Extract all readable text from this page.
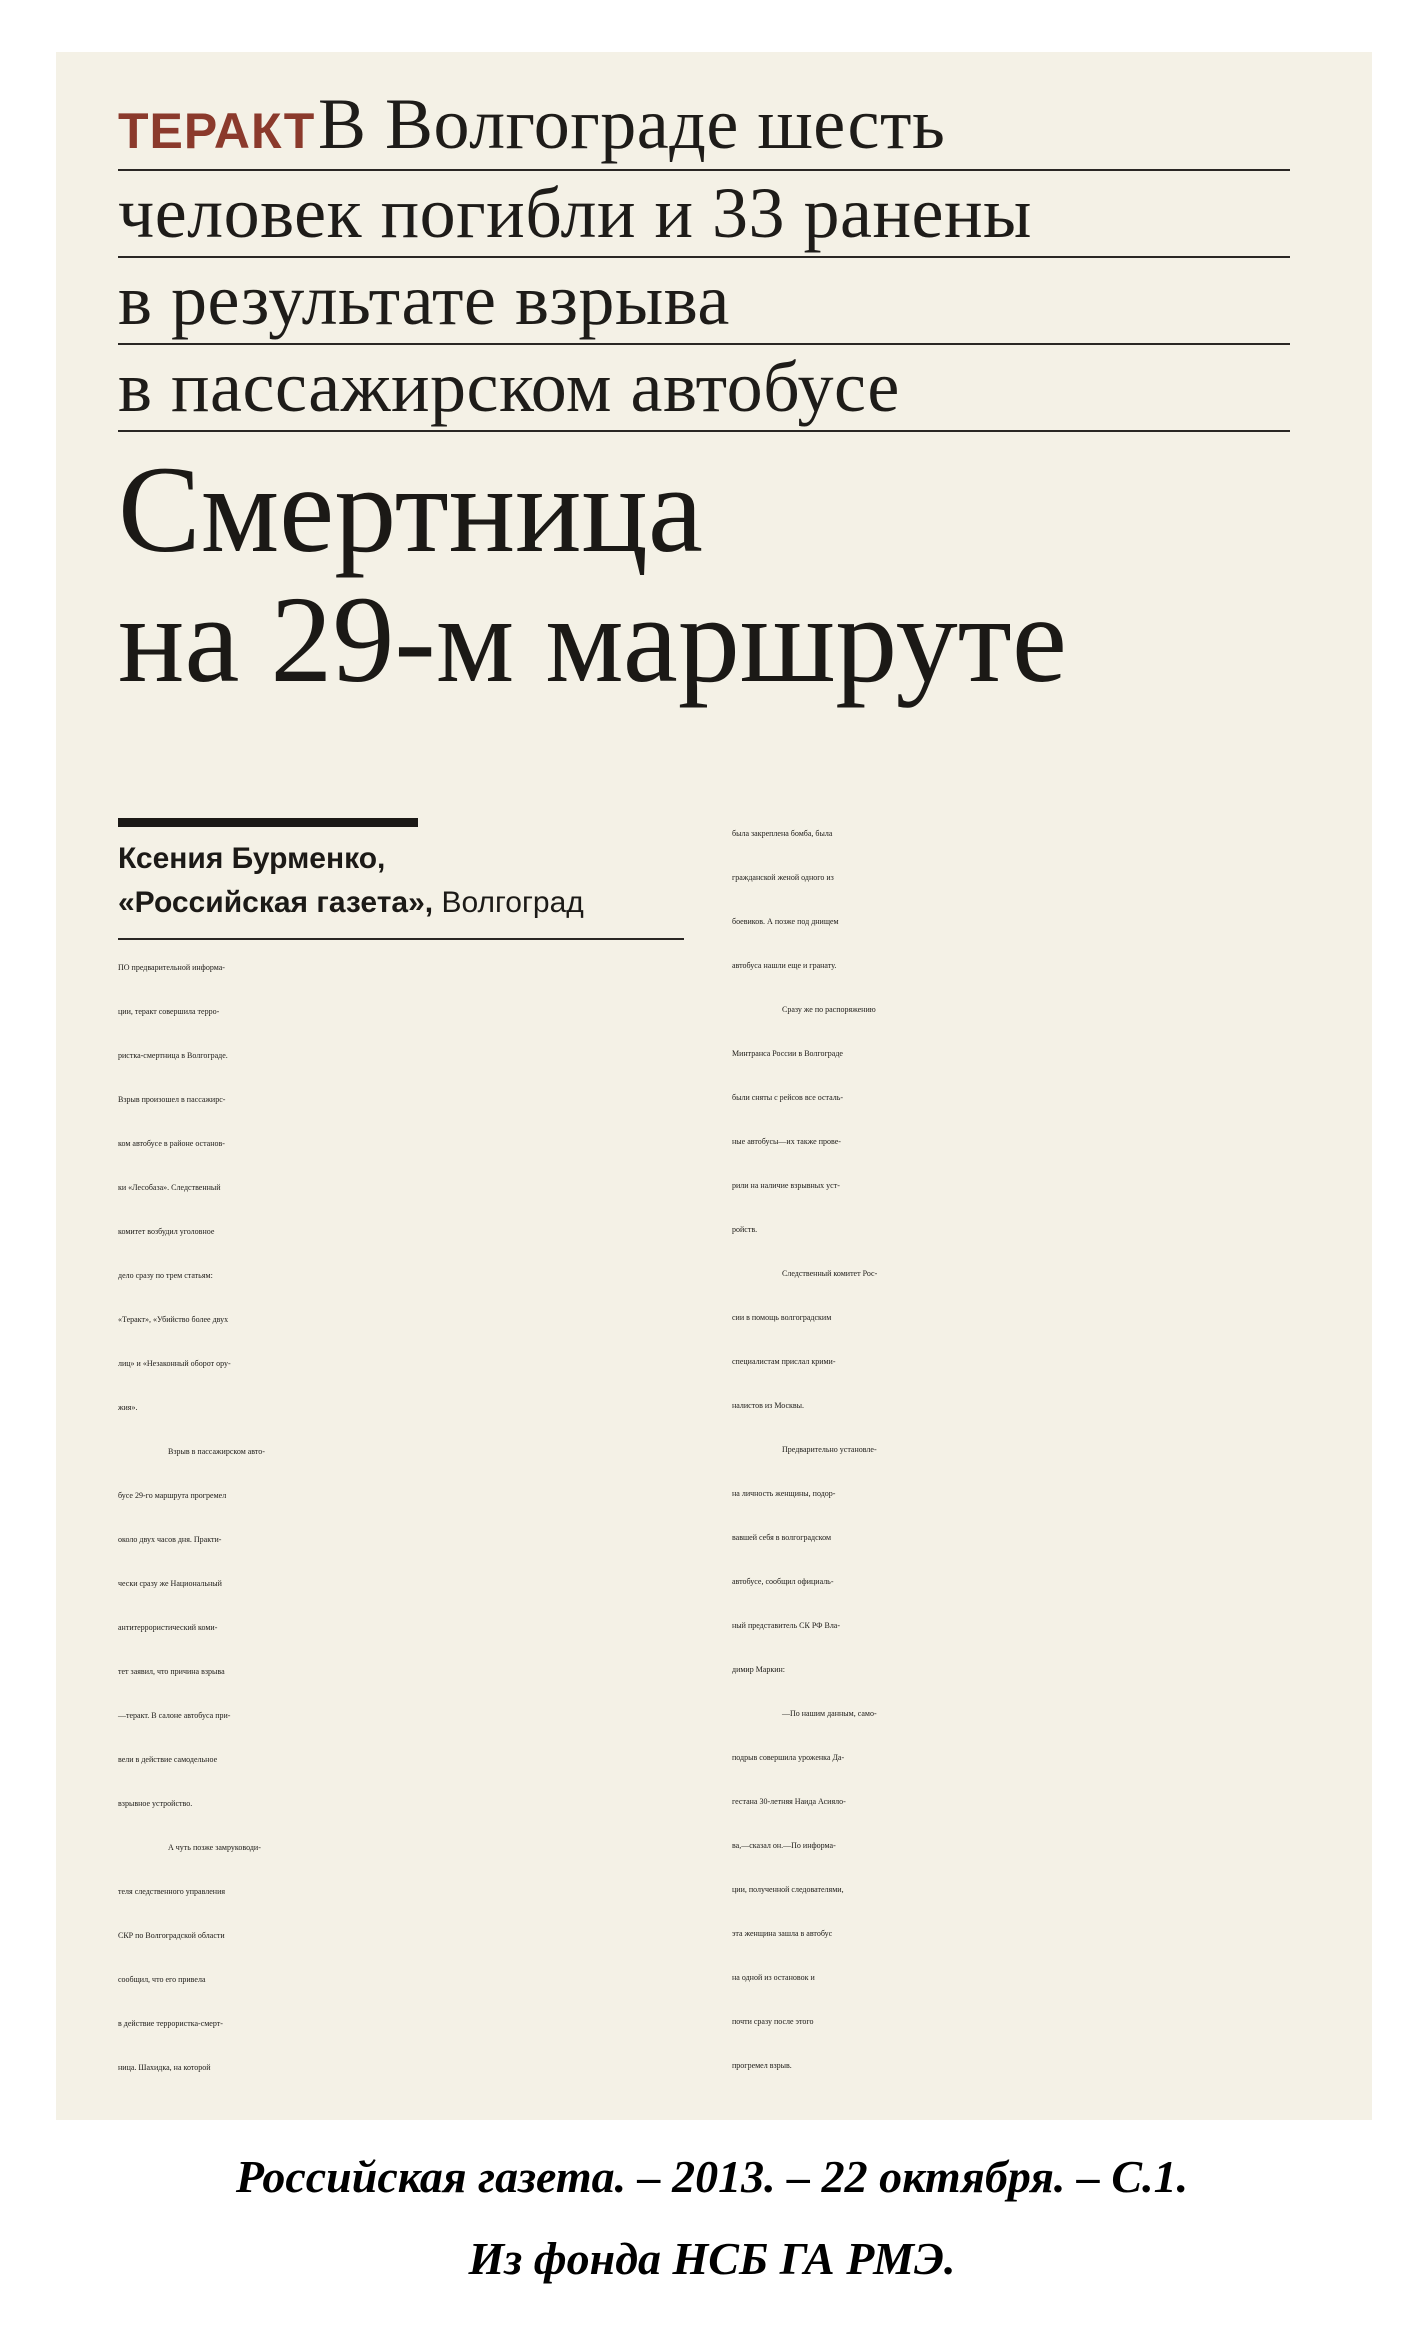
ТЕРАКТ В Волгограде шесть
человек погибли и 33 ранены
в результате взрыва
в пассажирском автобусе
Смертница
на 29-м маршруте
Ксения Бурменко,
«Российская газета», Волгоград

ПО предварительной информа-

ции, теракт совершила терро-

ристка-смертница в Волгограде.

Взрыв произошел в пассажирс-

ком автобусе в районе останов-

ки «Лесобаза». Следственный

комитет возбудил уголовное

дело сразу по трем статьям:

«Теракт», «Убийство более двух

лиц» и «Незаконный оборот ору-

жия».

Взрыв в пассажирском авто-

бусе 29-го маршрута прогремел

около двух часов дня. Практи-

чески сразу же Национальный

антитеррористический коми-

тет заявил, что причина взрыва

—теракт. В салоне автобуса при-

вели в действие самодельное

взрывное устройство.

А чуть позже замруководи-

теля следственного управления

СКР по Волгоградской области

сообщил, что его привела

в действие террористка-смерт-

ница. Шахидка, на которой

была закреплена бомба, была

гражданской женой одного из

боевиков. А позже под днищем

автобуса нашли еще и гранату.

Сразу же по распоряжению

Минтранса России в Волгограде

были сняты с рейсов все осталь-

ные автобусы—их также прове-

рили на наличие взрывных уст-

ройств.

Следственный комитет Рос-

сии в помощь волгоградским

специалистам прислал крими-

налистов из Москвы.

Предварительно установле-

на личность женщины, подор-

вавшей себя в волгоградском

автобусе, сообщил официаль-

ный представитель СК РФ Вла-

димир Маркин:

—По нашим данным, само-

подрыв совершила уроженка Да-

гестана 30-летняя Наида Асияло-

ва,—сказал он.—По информа-

ции, полученной следователями,

эта женщина зашла в автобус

на одной из остановок и

почти сразу после этого

прогремел взрыв.

Российская газета. – 2013. – 22 октября. – С.1.
Из фонда НСБ ГА РМЭ.
